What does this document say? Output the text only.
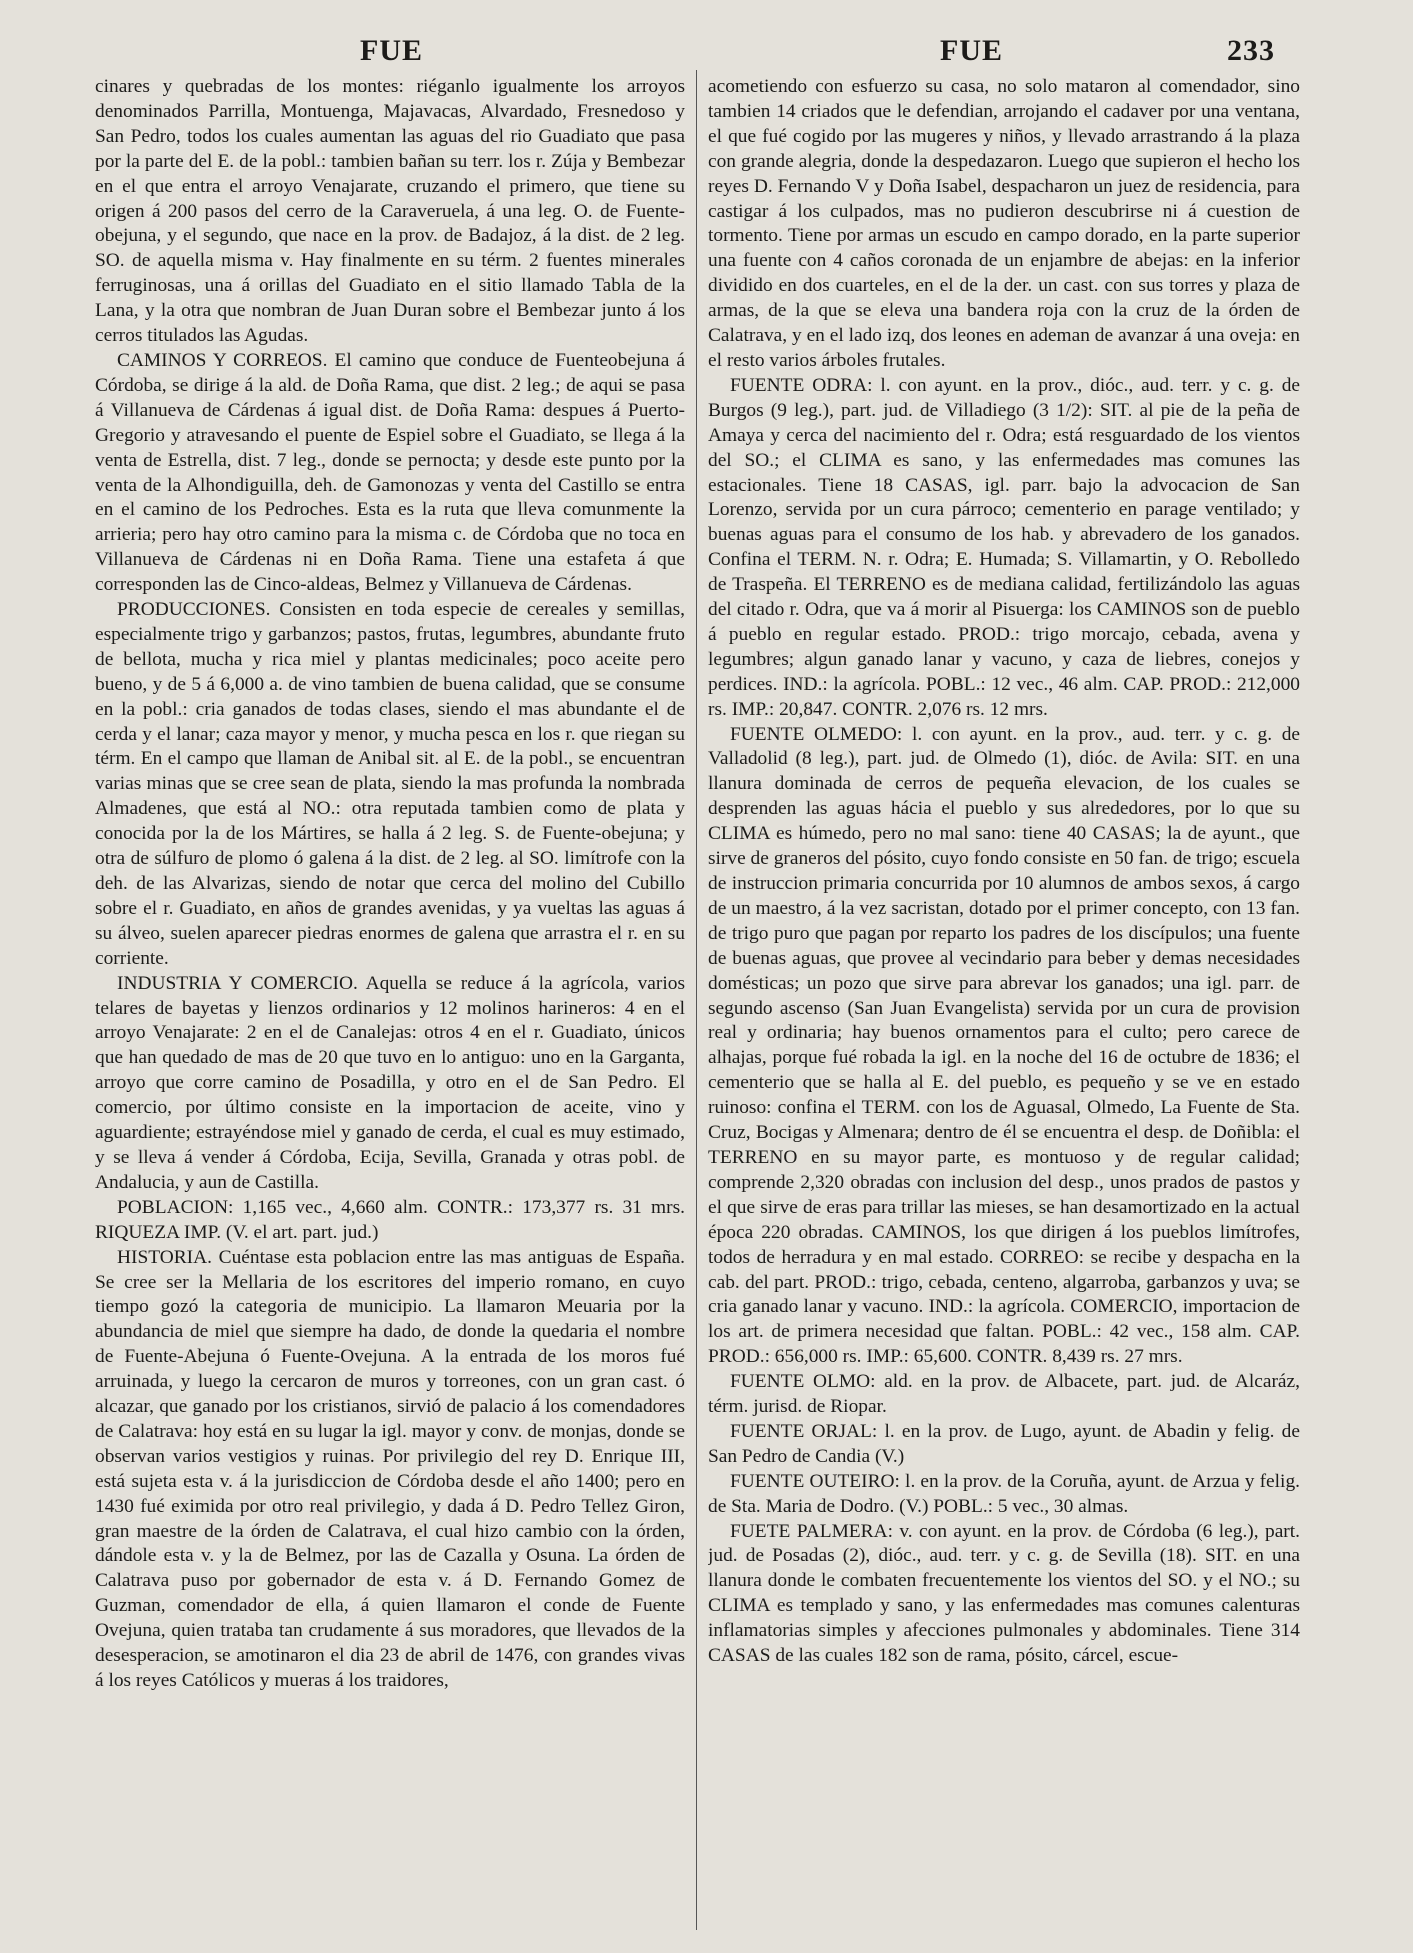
FUE	FUE	233

cinares y quebradas de los montes: riéganlo igualmente los arroyos denominados Parrilla, Montuenga, Majavacas, Alvardado, Fresnedoso y San Pedro, todos los cuales aumentan las aguas del rio Guadiato que pasa por la parte del E. de la pobl.: tambien bañan su terr. los r. Zúja y Bembezar en el que entra el arroyo Venajarate, cruzando el primero, que tiene su origen á 200 pasos del cerro de la Caraveruela, á una leg. O. de Fuente-obejuna, y el segundo, que nace en la prov. de Badajoz, á la dist. de 2 leg. SO. de aquella misma v. Hay finalmente en su térm. 2 fuentes minerales ferruginosas, una á orillas del Guadiato en el sitio llamado Tabla de la Lana, y la otra que nombran de Juan Duran sobre el Bembezar junto á los cerros titulados las Agudas.

CAMINOS Y CORREOS. El camino que conduce de Fuenteobejuna á Córdoba, se dirige á la ald. de Doña Rama, que dist. 2 leg.; de aqui se pasa á Villanueva de Cárdenas á igual dist. de Doña Rama: despues á Puerto-Gregorio y atravesando el puente de Espiel sobre el Guadiato, se llega á la venta de Estrella, dist. 7 leg., donde se pernocta; y desde este punto por la venta de la Alhondiguilla, deh. de Gamonozas y venta del Castillo se entra en el camino de los Pedroches. Esta es la ruta que lleva comunmente la arrieria; pero hay otro camino para la misma c. de Córdoba que no toca en Villanueva de Cárdenas ni en Doña Rama. Tiene una estafeta á que corresponden las de Cinco-aldeas, Belmez y Villanueva de Cárdenas.

PRODUCCIONES. Consisten en toda especie de cereales y semillas, especialmente trigo y garbanzos; pastos, frutas, legumbres, abundante fruto de bellota, mucha y rica miel y plantas medicinales; poco aceite pero bueno, y de 5 á 6,000 a. de vino tambien de buena calidad, que se consume en la pobl.: cria ganados de todas clases, siendo el mas abundante el de cerda y el lanar; caza mayor y menor, y mucha pesca en los r. que riegan su térm. En el campo que llaman de Anibal sit. al E. de la pobl., se encuentran varias minas que se cree sean de plata, siendo la mas profunda la nombrada Almadenes, que está al NO.: otra reputada tambien como de plata y conocida por la de los Mártires, se halla á 2 leg. S. de Fuente-obejuna; y otra de súlfuro de plomo ó galena á la dist. de 2 leg. al SO. limítrofe con la deh. de las Alvarizas, siendo de notar que cerca del molino del Cubillo sobre el r. Guadiato, en años de grandes avenidas, y ya vueltas las aguas á su álveo, suelen aparecer piedras enormes de galena que arrastra el r. en su corriente.

INDUSTRIA Y COMERCIO. Aquella se reduce á la agrícola, varios telares de bayetas y lienzos ordinarios y 12 molinos harineros: 4 en el arroyo Venajarate: 2 en el de Canalejas: otros 4 en el r. Guadiato, únicos que han quedado de mas de 20 que tuvo en lo antiguo: uno en la Garganta, arroyo que corre camino de Posadilla, y otro en el de San Pedro. El comercio, por último consiste en la importacion de aceite, vino y aguardiente; estrayéndose miel y ganado de cerda, el cual es muy estimado, y se lleva á vender á Córdoba, Ecija, Sevilla, Granada y otras pobl. de Andalucia, y aun de Castilla.

POBLACION: 1,165 vec., 4,660 alm. CONTR.: 173,377 rs. 31 mrs. RIQUEZA IMP. (V. el art. part. jud.)

HISTORIA. Cuéntase esta poblacion entre las mas antiguas de España. Se cree ser la Mellaria de los escritores del imperio romano, en cuyo tiempo gozó la categoria de municipio. La llamaron Meuaria por la abundancia de miel que siempre ha dado, de donde la quedaria el nombre de Fuente-Abejuna ó Fuente-Ovejuna. A la entrada de los moros fué arruinada, y luego la cercaron de muros y torreones, con un gran cast. ó alcazar, que ganado por los cristianos, sirvió de palacio á los comendadores de Calatrava: hoy está en su lugar la igl. mayor y conv. de monjas, donde se observan varios vestigios y ruinas. Por privilegio del rey D. Enrique III, está sujeta esta v. á la jurisdiccion de Córdoba desde el año 1400; pero en 1430 fué eximida por otro real privilegio, y dada á D. Pedro Tellez Giron, gran maestre de la órden de Calatrava, el cual hizo cambio con la órden, dándole esta v. y la de Belmez, por las de Cazalla y Osuna. La órden de Calatrava puso por gobernador de esta v. á D. Fernando Gomez de Guzman, comendador de ella, á quien llamaron el conde de Fuente Ovejuna, quien trataba tan crudamente á sus moradores, que llevados de la desesperacion, se amotinaron el dia 23 de abril de 1476, con grandes vivas á los reyes Católicos y mueras á los traidores,

acometiendo con esfuerzo su casa, no solo mataron al comendador, sino tambien 14 criados que le defendian, arrojando el cadaver por una ventana, el que fué cogido por las mugeres y niños, y llevado arrastrando á la plaza con grande alegria, donde la despedazaron. Luego que supieron el hecho los reyes D. Fernando V y Doña Isabel, despacharon un juez de residencia, para castigar á los culpados, mas no pudieron descubrirse ni á cuestion de tormento. Tiene por armas un escudo en campo dorado, en la parte superior una fuente con 4 caños coronada de un enjambre de abejas: en la inferior dividido en dos cuarteles, en el de la der. un cast. con sus torres y plaza de armas, de la que se eleva una bandera roja con la cruz de la órden de Calatrava, y en el lado izq, dos leones en ademan de avanzar á una oveja: en el resto varios árboles frutales.

FUENTE ODRA: l. con ayunt. en la prov., dióc., aud. terr. y c. g. de Burgos (9 leg.), part. jud. de Villadiego (3 1/2): SIT. al pie de la peña de Amaya y cerca del nacimiento del r. Odra; está resguardado de los vientos del SO.; el CLIMA es sano, y las enfermedades mas comunes las estacionales. Tiene 18 CASAS, igl. parr. bajo la advocacion de San Lorenzo, servida por un cura párroco; cementerio en parage ventilado; y buenas aguas para el consumo de los hab. y abrevadero de los ganados. Confina el TERM. N. r. Odra; E. Humada; S. Villamartin, y O. Rebolledo de Traspeña. El TERRENO es de mediana calidad, fertilizándolo las aguas del citado r. Odra, que va á morir al Pisuerga: los CAMINOS son de pueblo á pueblo en regular estado. PROD.: trigo morcajo, cebada, avena y legumbres; algun ganado lanar y vacuno, y caza de liebres, conejos y perdices. IND.: la agrícola. POBL.: 12 vec., 46 alm. CAP. PROD.: 212,000 rs. IMP.: 20,847. CONTR. 2,076 rs. 12 mrs.

FUENTE OLMEDO: l. con ayunt. en la prov., aud. terr. y c. g. de Valladolid (8 leg.), part. jud. de Olmedo (1), dióc. de Avila: SIT. en una llanura dominada de cerros de pequeña elevacion, de los cuales se desprenden las aguas hácia el pueblo y sus alrededores, por lo que su CLIMA es húmedo, pero no mal sano: tiene 40 CASAS; la de ayunt., que sirve de graneros del pósito, cuyo fondo consiste en 50 fan. de trigo; escuela de instruccion primaria concurrida por 10 alumnos de ambos sexos, á cargo de un maestro, á la vez sacristan, dotado por el primer concepto, con 13 fan. de trigo puro que pagan por reparto los padres de los discípulos; una fuente de buenas aguas, que provee al vecindario para beber y demas necesidades domésticas; un pozo que sirve para abrevar los ganados; una igl. parr. de segundo ascenso (San Juan Evangelista) servida por un cura de provision real y ordinaria; hay buenos ornamentos para el culto; pero carece de alhajas, porque fué robada la igl. en la noche del 16 de octubre de 1836; el cementerio que se halla al E. del pueblo, es pequeño y se ve en estado ruinoso: confina el TERM. con los de Aguasal, Olmedo, La Fuente de Sta. Cruz, Bocigas y Almenara; dentro de él se encuentra el desp. de Doñibla: el TERRENO en su mayor parte, es montuoso y de regular calidad; comprende 2,320 obradas con inclusion del desp., unos prados de pastos y el que sirve de eras para trillar las mieses, se han desamortizado en la actual época 220 obradas. CAMINOS, los que dirigen á los pueblos limítrofes, todos de herradura y en mal estado. CORREO: se recibe y despacha en la cab. del part. PROD.: trigo, cebada, centeno, algarroba, garbanzos y uva; se cria ganado lanar y vacuno. IND.: la agrícola. COMERCIO, importacion de los art. de primera necesidad que faltan. POBL.: 42 vec., 158 alm. CAP. PROD.: 656,000 rs. IMP.: 65,600. CONTR. 8,439 rs. 27 mrs.

FUENTE OLMO: ald. en la prov. de Albacete, part. jud. de Alcaráz, térm. jurisd. de Riopar.

FUENTE ORJAL: l. en la prov. de Lugo, ayunt. de Abadin y felig. de San Pedro de Candia (V.)

FUENTE OUTEIRO: l. en la prov. de la Coruña, ayunt. de Arzua y felig. de Sta. Maria de Dodro. (V.) POBL.: 5 vec., 30 almas.

FUETE PALMERA: v. con ayunt. en la prov. de Córdoba (6 leg.), part. jud. de Posadas (2), dióc., aud. terr. y c. g. de Sevilla (18). SIT. en una llanura donde le combaten frecuentemente los vientos del SO. y el NO.; su CLIMA es templado y sano, y las enfermedades mas comunes calenturas inflamatorias simples y afecciones pulmonales y abdominales. Tiene 314 CASAS de las cuales 182 son de rama, pósito, cárcel, escue-
